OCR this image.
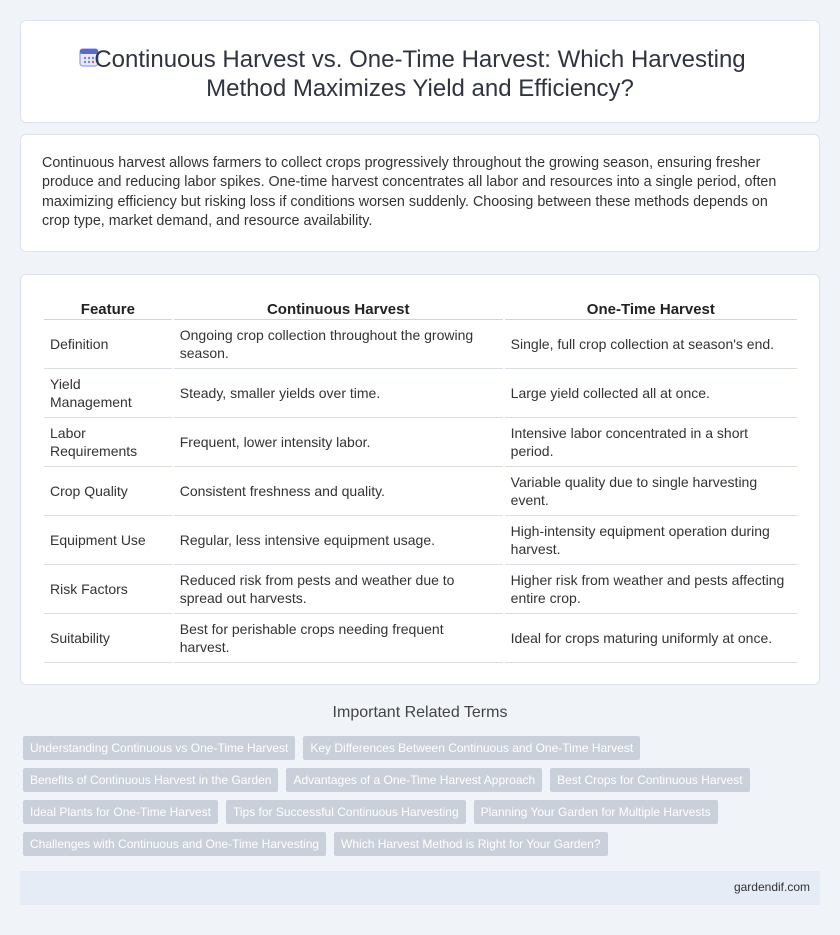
Continuous Harvest vs. One-Time Harvest: Which Harvesting
Method Maximizes Yield and Efficiency?

Continuous harvest allows farmers to collect crops progressively throughout the growing season, ensuring fresher produce and reducing labor spikes. One-time harvest concentrates all labor and resources into a single period, often maximizing efficiency but risking loss if conditions worsen suddenly. Choosing between these methods depends on crop type, market demand, and resource availability.

Feature	Continuous Harvest	One-Time Harvest
Definition	Ongoing crop collection throughout the growing season.	Single, full crop collection at season's end.
Yield Management	Steady, smaller yields over time.	Large yield collected all at once.
Labor Requirements	Frequent, lower intensity labor.	Intensive labor concentrated in a short period.
Crop Quality	Consistent freshness and quality.	Variable quality due to single harvesting event.
Equipment Use	Regular, less intensive equipment usage.	High-intensity equipment operation during harvest.
Risk Factors	Reduced risk from pests and weather due to spread out harvests.	Higher risk from weather and pests affecting entire crop.
Suitability	Best for perishable crops needing frequent harvest.	Ideal for crops maturing uniformly at once.
Important Related Terms
Understanding Continuous vs One-Time Harvest	Key Differences Between Continuous and One-Time Harvest
Benefits of Continuous Harvest in the Garden	Advantages of a One-Time Harvest Approach	Best Crops for Continuous Harvest
Ideal Plants for One-Time Harvest	Tips for Successful Continuous Harvesting	Planning Your Garden for Multiple Harvests
Challenges with Continuous and One-Time Harvesting	Which Harvest Method is Right for Your Garden?
gardendif.com
